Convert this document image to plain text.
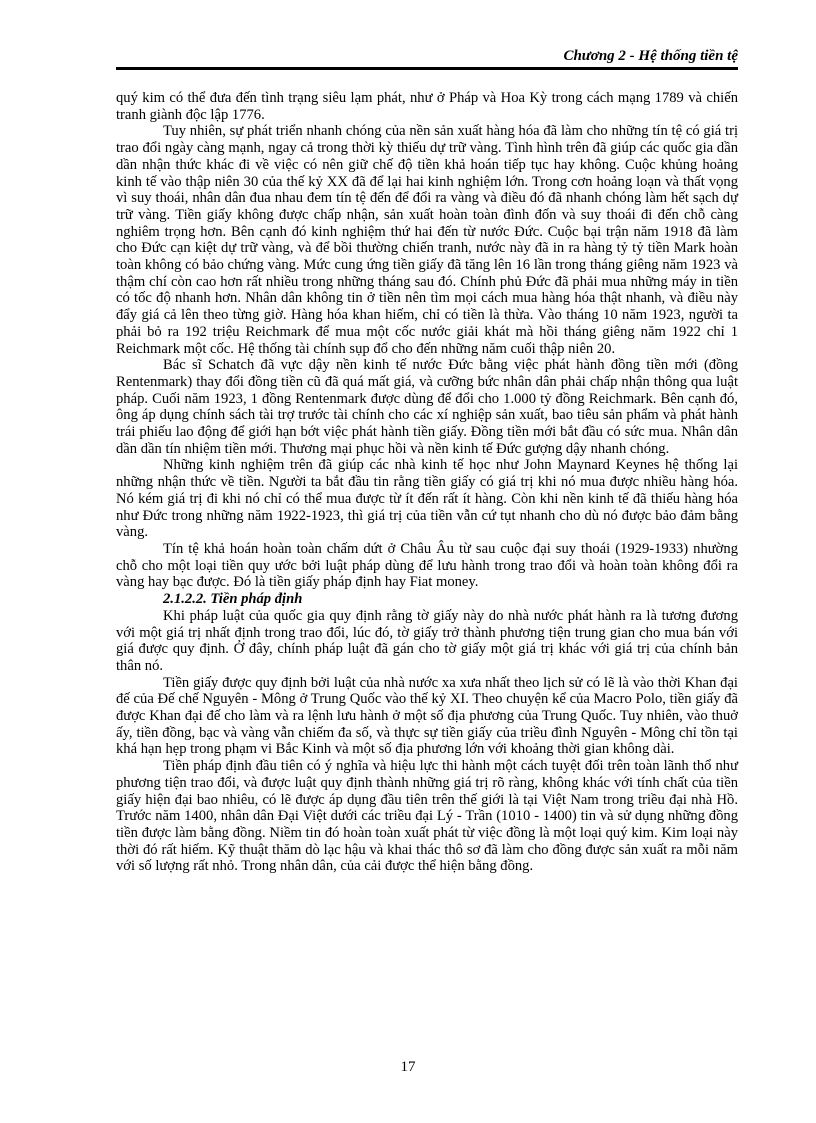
Chương 2 - Hệ thống tiền tệ

quý kim có thể đưa đến tình trạng siêu lạm phát, như ở Pháp và Hoa Kỳ trong cách mạng 1789 và chiến tranh giành độc lập 1776.

Tuy nhiên, sự phát triển nhanh chóng của nền sản xuất hàng hóa đã làm cho những tín tệ có giá trị trao đổi ngày càng mạnh, ngay cả trong thời kỳ thiếu dự trữ vàng. Tình hình trên đã giúp các quốc gia dần dần nhận thức khác đi về việc có nên giữ chế độ tiền khả hoán tiếp tục hay không. Cuộc khủng hoảng kinh tế vào thập niên 30 của thế kỷ XX đã để lại hai kinh nghiệm lớn. Trong cơn hoảng loạn và thất vọng vì suy thoái, nhân dân đua nhau đem tín tệ đến để đổi ra vàng và điều đó đã nhanh chóng làm hết sạch dự trữ vàng. Tiền giấy không được chấp nhận, sản xuất hoàn toàn đình đốn và suy thoái đi đến chỗ càng nghiêm trọng hơn. Bên cạnh đó kinh nghiệm thứ hai đến từ nước Đức. Cuộc bại trận năm 1918 đã làm cho Đức cạn kiệt dự trữ vàng, và để bồi thường chiến tranh, nước này đã in ra hàng tỷ tỷ tiền Mark hoàn toàn không có bảo chứng vàng. Mức cung ứng tiền giấy đã tăng lên 16 lần trong tháng giêng năm 1923 và thậm chí còn cao hơn rất nhiều trong những tháng sau đó. Chính phủ Đức đã phải mua những máy in tiền có tốc độ nhanh hơn. Nhân dân không tin ở tiền nên tìm mọi cách mua hàng hóa thật nhanh, và điều này đẩy giá cả lên theo từng giờ. Hàng hóa khan hiếm, chỉ có tiền là thừa. Vào tháng 10 năm 1923, người ta phải bỏ ra 192 triệu Reichmark để mua một cốc nước giải khát mà hồi tháng giêng năm 1922 chỉ 1 Reichmark một cốc. Hệ thống tài chính sụp đổ cho đến những năm cuối thập niên 20.

Bác sĩ Schatch đã vực dậy nền kinh tế nước Đức bằng việc phát hành đồng tiền mới (đồng Rentenmark) thay đổi đồng tiền cũ đã quá mất giá, và cưỡng bức nhân dân phải chấp nhận thông qua luật pháp. Cuối năm 1923, 1 đồng Rentenmark được dùng để đổi cho 1.000 tỷ đồng Reichmark. Bên cạnh đó, ông áp dụng chính sách tài trợ trước tài chính cho các xí nghiệp sản xuất, bao tiêu sản phẩm và phát hành trái phiếu lao động để giới hạn bớt việc phát hành tiền giấy. Đồng tiền mới bắt đầu có sức mua. Nhân dân dần dần tín nhiệm tiền mới. Thương mại phục hồi và nền kinh tế Đức gượng dậy nhanh chóng.

Những kinh nghiệm trên đã giúp các nhà kinh tế học như John Maynard Keynes hệ thống lại những nhận thức về tiền. Người ta bắt đầu tin rằng tiền giấy có giá trị khi nó mua được nhiều hàng hóa. Nó kém giá trị đi khi nó chỉ có thể mua được từ ít đến rất ít hàng. Còn khi nền kinh tế đã thiếu hàng hóa như Đức trong những năm 1922-1923, thì giá trị của tiền vẫn cứ tụt nhanh cho dù nó được bảo đảm bằng vàng.

Tín tệ khả hoán hoàn toàn chấm dứt ở Châu Âu từ sau cuộc đại suy thoái (1929-1933) nhường chỗ cho một loại tiền quy ước bởi luật pháp dùng để lưu hành trong trao đổi và hoàn toàn không đổi ra vàng hay bạc được. Đó là tiền giấy pháp định hay Fiat money.

2.1.2.2. Tiền pháp định

Khi pháp luật của quốc gia quy định rằng tờ giấy này do nhà nước phát hành ra là tương đương với một giá trị nhất định trong trao đổi, lúc đó, tờ giấy trở thành phương tiện trung gian cho mua bán với giá được quy định. Ở đây, chính pháp luật đã gán cho tờ giấy một giá trị khác với giá trị của chính bản thân nó.

Tiền giấy được quy định bởi luật của nhà nước xa xưa nhất theo lịch sử có lẽ là vào thời Khan đại đế của Đế chế Nguyên - Mông ở Trung Quốc vào thế kỷ XI. Theo chuyện kể của Macro Polo, tiền giấy đã được Khan đại đế cho làm và ra lệnh lưu hành ở một số địa phương của Trung Quốc. Tuy nhiên, vào thuở ấy, tiền đồng, bạc và vàng vẫn chiếm đa số, và thực sự tiền giấy của triều đình Nguyên - Mông chỉ tồn tại khá hạn hẹp trong phạm vi Bắc Kinh và một số địa phương lớn với khoảng thời gian không dài.

Tiền pháp định đầu tiên có ý nghĩa và hiệu lực thi hành một cách tuyệt đối trên toàn lãnh thổ như phương tiện trao đổi, và được luật quy định thành những giá trị rõ ràng, không khác với tính chất của tiền giấy hiện đại bao nhiêu, có lẽ được áp dụng đầu tiên trên thế giới là tại Việt Nam trong triều đại nhà Hồ. Trước năm 1400, nhân dân Đại Việt dưới các triều đại Lý - Trần (1010 - 1400) tin và sử dụng những đồng tiền được làm bằng đồng. Niềm tin đó hoàn toàn xuất phát từ việc đồng là một loại quý kim. Kim loại này thời đó rất hiếm. Kỹ thuật thăm dò lạc hậu và khai thác thô sơ đã làm cho đồng được sản xuất ra mỗi năm với số lượng rất nhỏ. Trong nhân dân, của cải được thể hiện bằng đồng.

17
